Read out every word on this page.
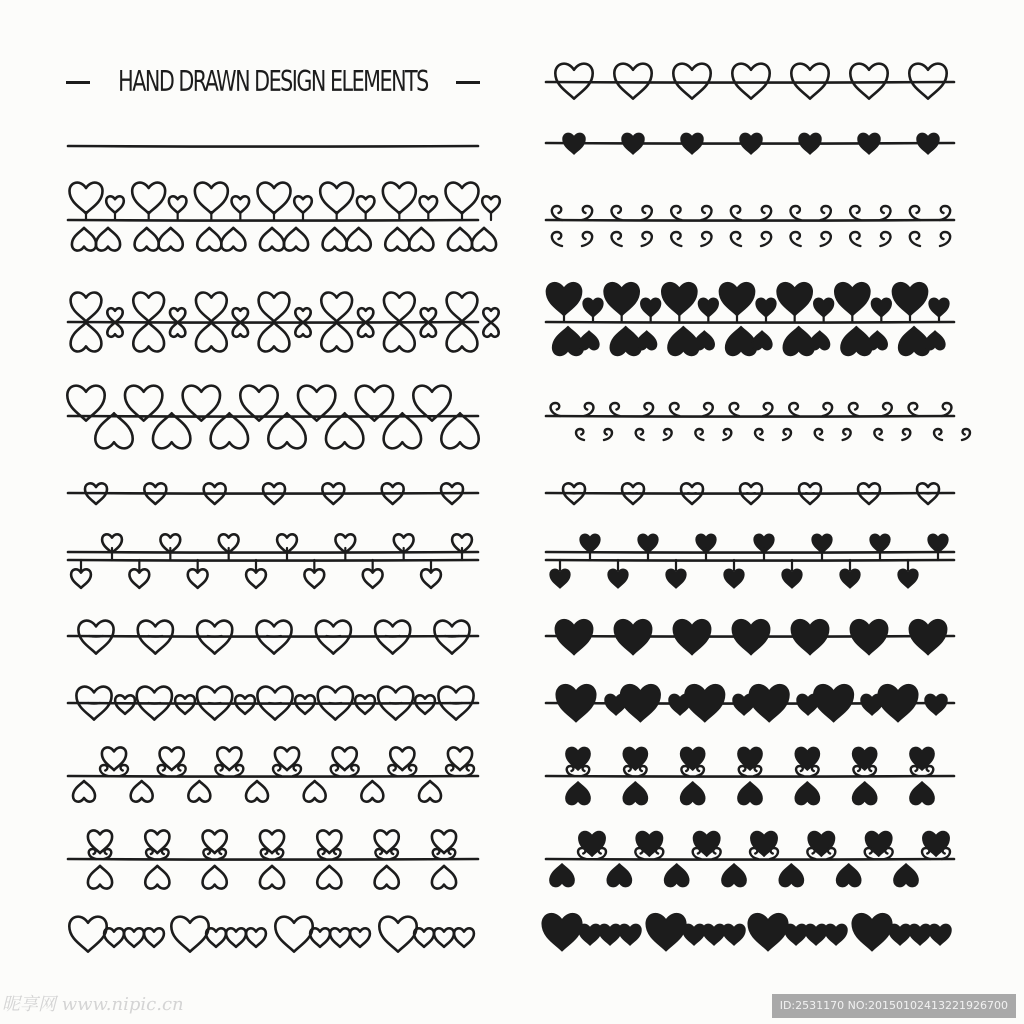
HAND DRAWN DESIGN ELEMENTS
昵享网 www.nipic.cn	ID:2531170 NO:20150102413221926700
